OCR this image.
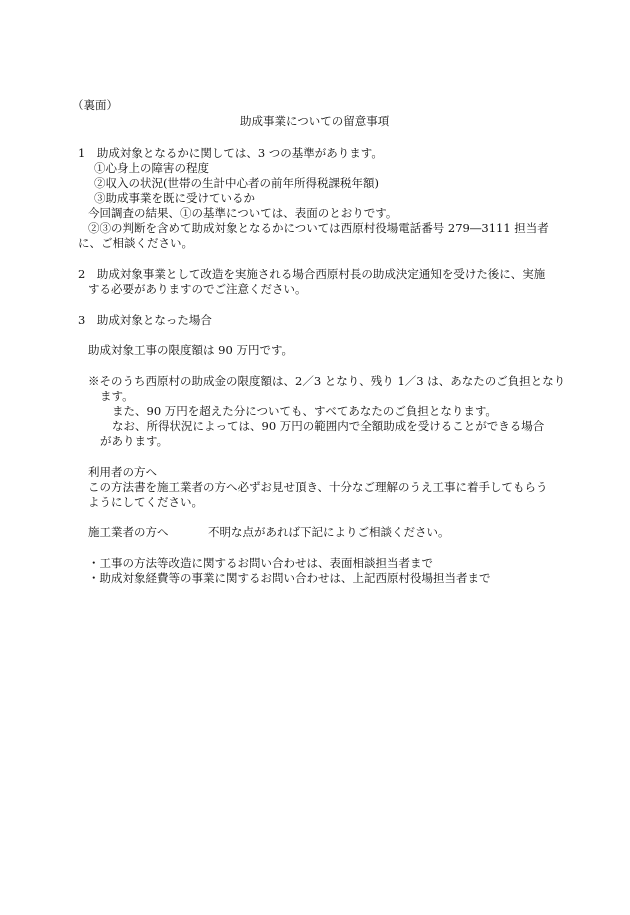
（裏面）
助成事業についての留意事項
1　助成対象となるかに関しては、3 つの基準があります。
①心身上の障害の程度
②収入の状況(世帯の生計中心者の前年所得税課税年額)
③助成事業を既に受けているか
今回調査の結果、①の基準については、表面のとおりです。
②③の判断を含めて助成対象となるかについては西原村役場電話番号 279―3111 担当者
に、ご相談ください。
2　助成対象事業として改造を実施される場合西原村長の助成決定通知を受けた後に、実施
する必要がありますのでご注意ください。
3　助成対象となった場合
助成対象工事の限度額は 90 万円です。
※そのうち西原村の助成金の限度額は、2／3 となり、残り 1／3 は、あなたのご負担となり
ます。
また、90 万円を超えた分についても、すべてあなたのご負担となります。
なお、所得状況によっては、90 万円の範囲内で全額助成を受けることができる場合
があります。
利用者の方へ
この方法書を施工業者の方へ必ずお見せ頂き、十分なご理解のうえ工事に着手してもらう
ようにしてください。
施工業者の方へ	不明な点があれば下記によりご相談ください。
・工事の方法等改造に関するお問い合わせは、表面相談担当者まで
・助成対象経費等の事業に関するお問い合わせは、上記西原村役場担当者まで
